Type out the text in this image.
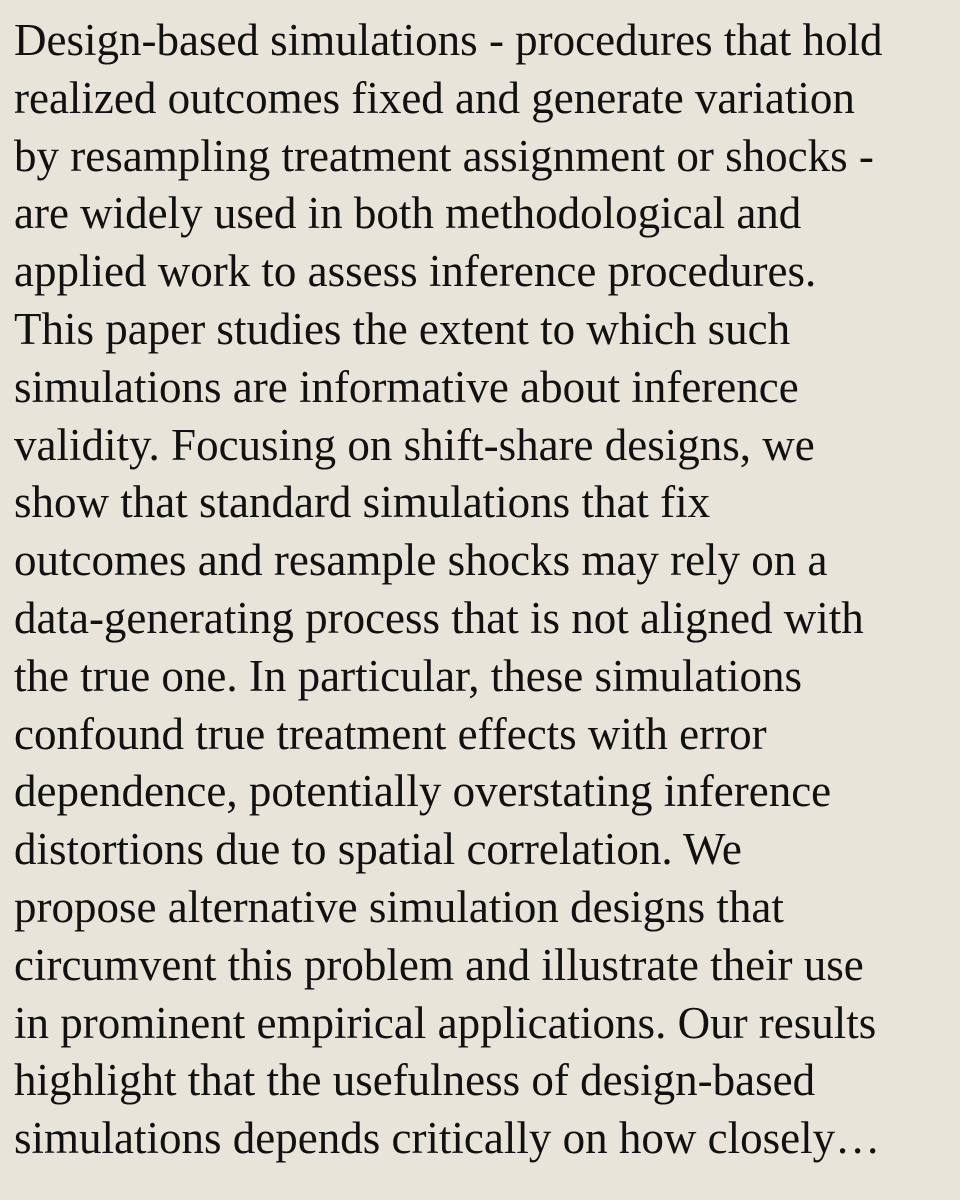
Design-based simulations - procedures that hold
realized outcomes fixed and generate variation
by resampling treatment assignment or shocks -
are widely used in both methodological and
applied work to assess inference procedures.
This paper studies the extent to which such
simulations are informative about inference
validity. Focusing on shift-share designs, we
show that standard simulations that fix
outcomes and resample shocks may rely on a
data-generating process that is not aligned with
the true one. In particular, these simulations
confound true treatment effects with error
dependence, potentially overstating inference
distortions due to spatial correlation. We
propose alternative simulation designs that
circumvent this problem and illustrate their use
in prominent empirical applications. Our results
highlight that the usefulness of design-based
simulations depends critically on how closely…
